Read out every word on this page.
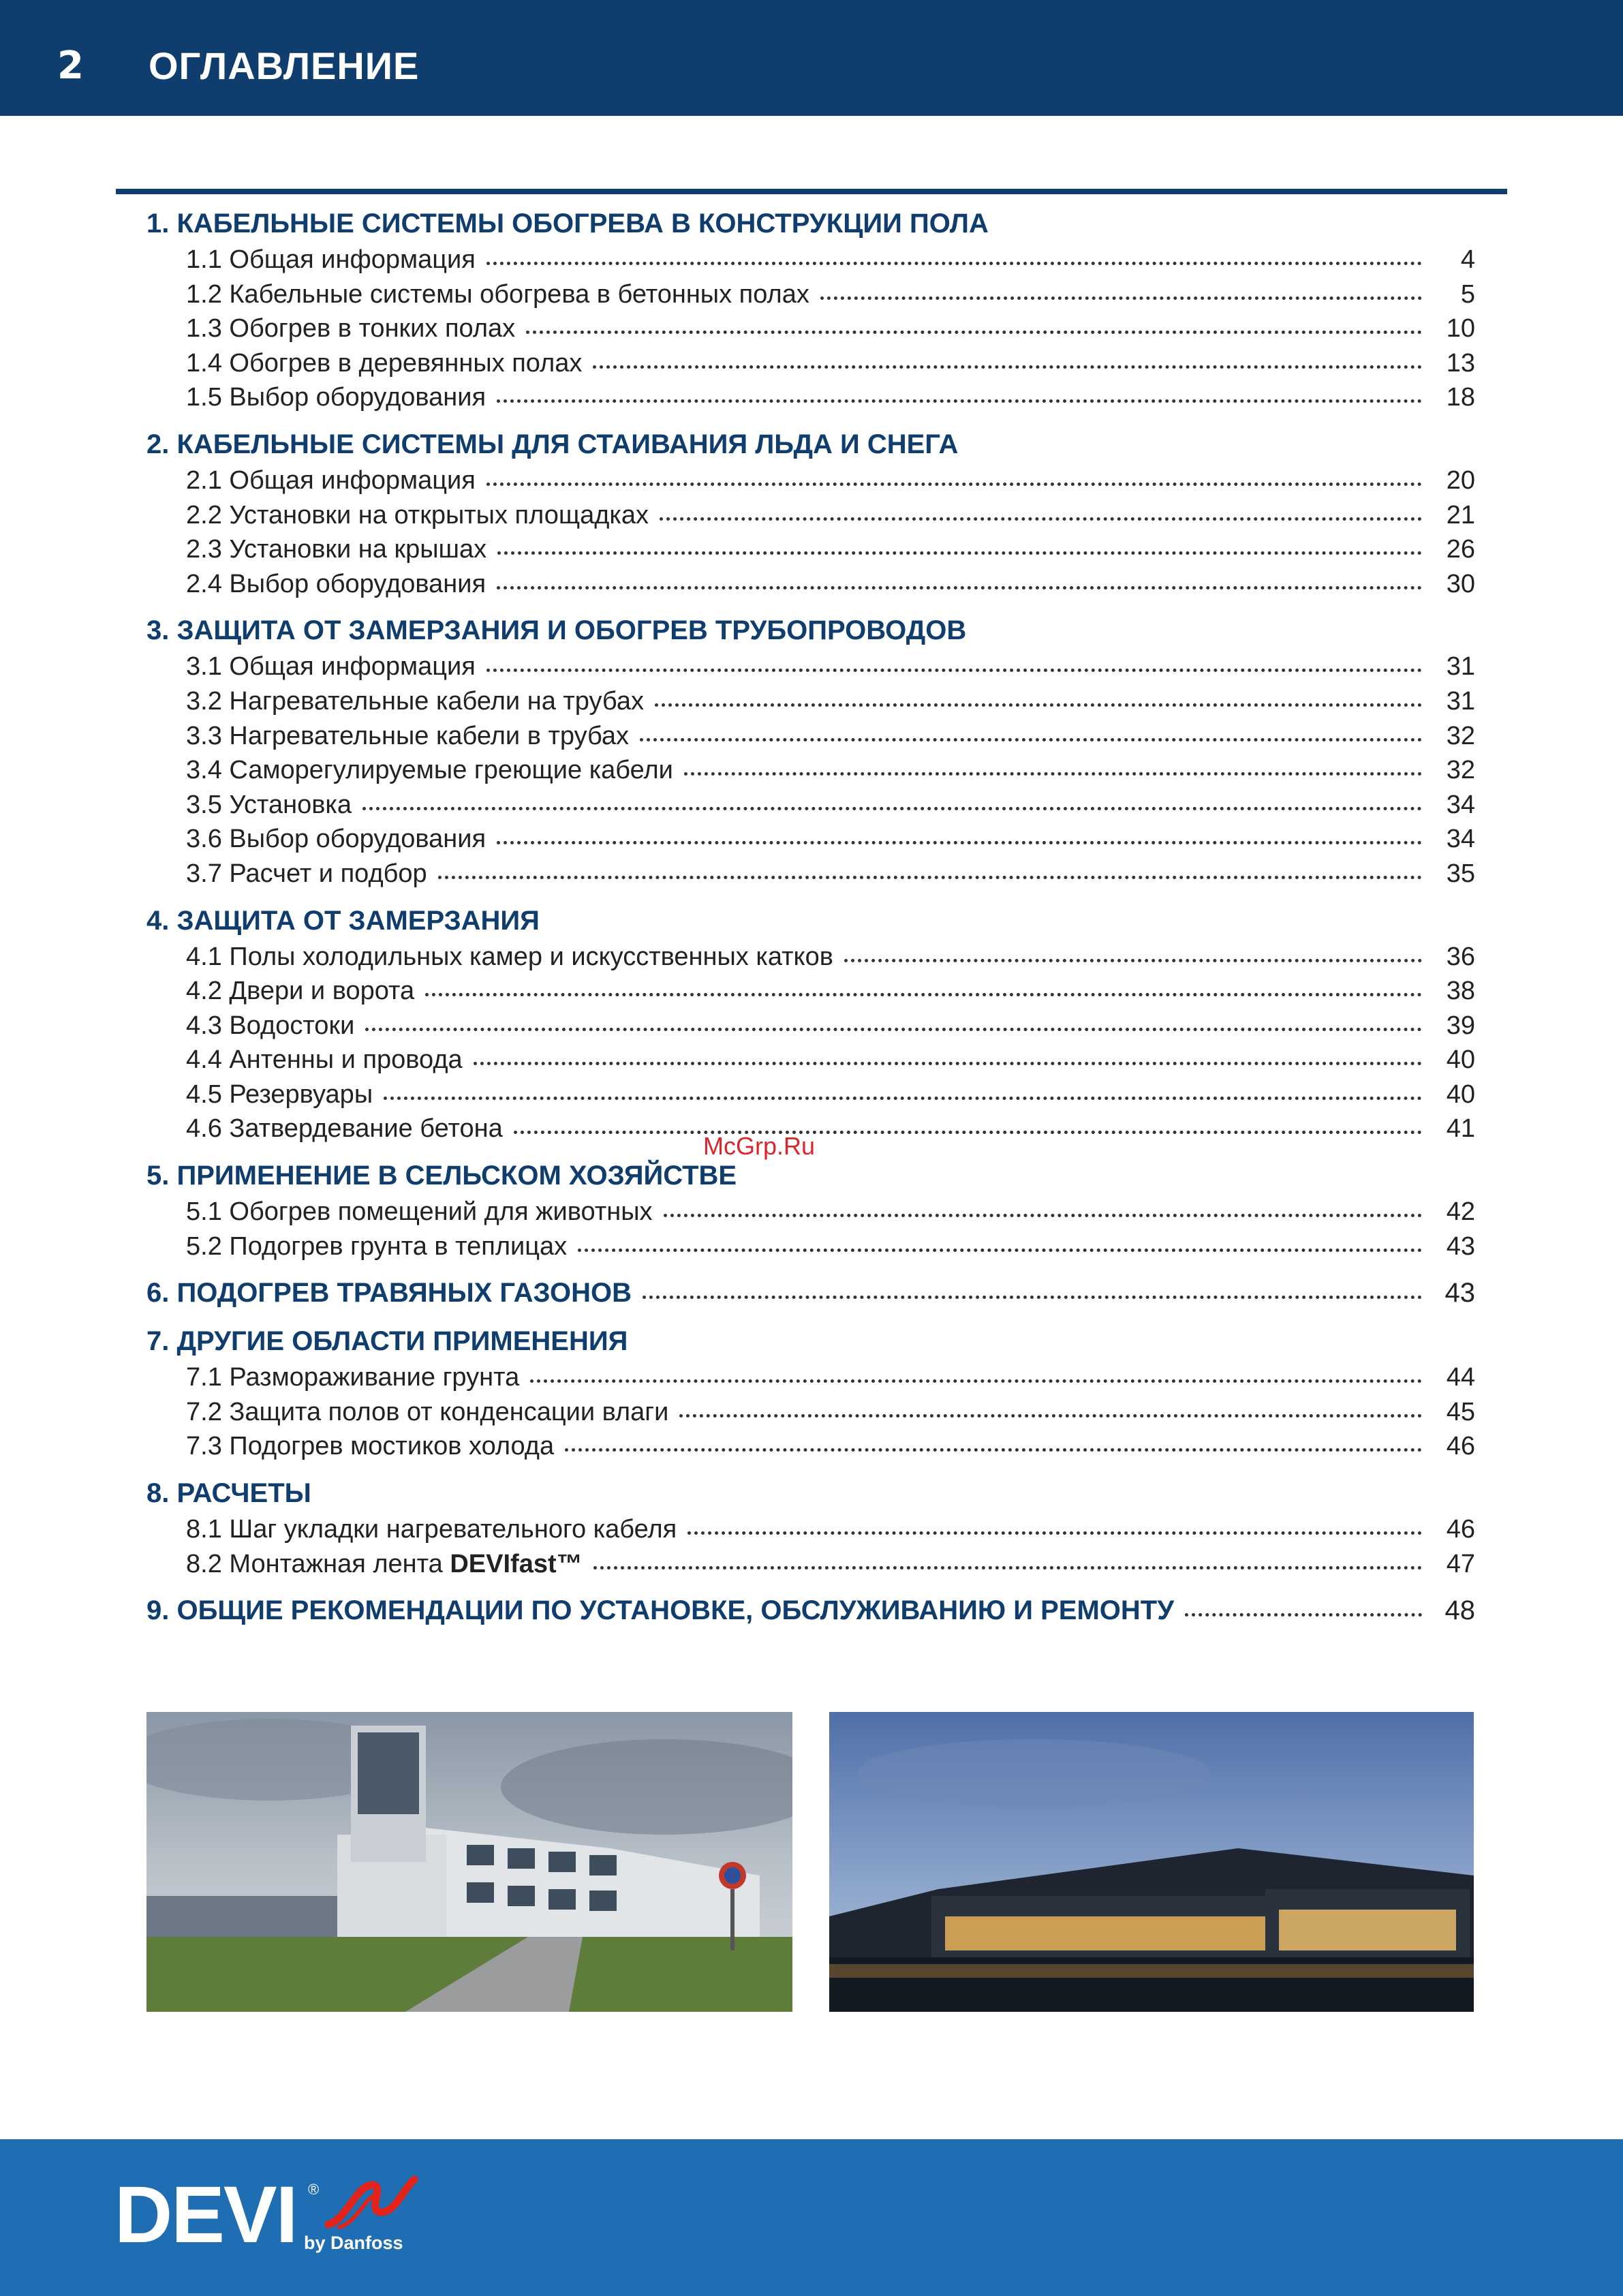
2 ОГЛАВЛЕНИЕ
1. КАБЕЛЬНЫЕ СИСТЕМЫ ОБОГРЕВА В КОНСТРУКЦИИ ПОЛА
1.1 Общая информация	4
1.2 Кабельные системы обогрева в бетонных полах	5
1.3 Обогрев в тонких полах	10
1.4 Обогрев в деревянных полах	13
1.5 Выбор оборудования	18
2. КАБЕЛЬНЫЕ СИСТЕМЫ ДЛЯ СТАИВАНИЯ ЛЬДА И СНЕГА
2.1 Общая информация	20
2.2 Установки на открытых площадках	21
2.3 Установки на крышах	26
2.4 Выбор оборудования	30
3. ЗАЩИТА ОТ ЗАМЕРЗАНИЯ И ОБОГРЕВ ТРУБОПРОВОДОВ
3.1 Общая информация	31
3.2 Нагревательные кабели на трубах	31
3.3 Нагревательные кабели в трубах	32
3.4 Саморегулируемые греющие кабели	32
3.5 Установка	34
3.6 Выбор оборудования	34
3.7 Расчет и подбор	35
4. ЗАЩИТА ОТ ЗАМЕРЗАНИЯ
4.1 Полы холодильных камер и искусственных катков	36
4.2 Двери и ворота	38
4.3 Водостоки	39
4.4 Антенны и провода	40
4.5 Резервуары	40
4.6 Затвердевание бетона	41
5. ПРИМЕНЕНИЕ В СЕЛЬСКОМ ХОЗЯЙСТВЕ
5.1 Обогрев помещений для животных	42
5.2 Подогрев грунта в теплицах	43
6. ПОДОГРЕВ ТРАВЯНЫХ ГАЗОНОВ	43
7. ДРУГИЕ ОБЛАСТИ ПРИМЕНЕНИЯ
7.1 Размораживание грунта	44
7.2 Защита полов от конденсации влаги	45
7.3 Подогрев мостиков холода	46
8. РАСЧЕТЫ
8.1 Шаг укладки нагревательного кабеля	46
8.2 Монтажная лента DEVIfast™	47
9. ОБЩИЕ РЕКОМЕНДАЦИИ ПО УСТАНОВКЕ, ОБСЛУЖИВАНИЮ И РЕМОНТУ	48
McGrp.Ru
DEVI ®
by Danfoss
